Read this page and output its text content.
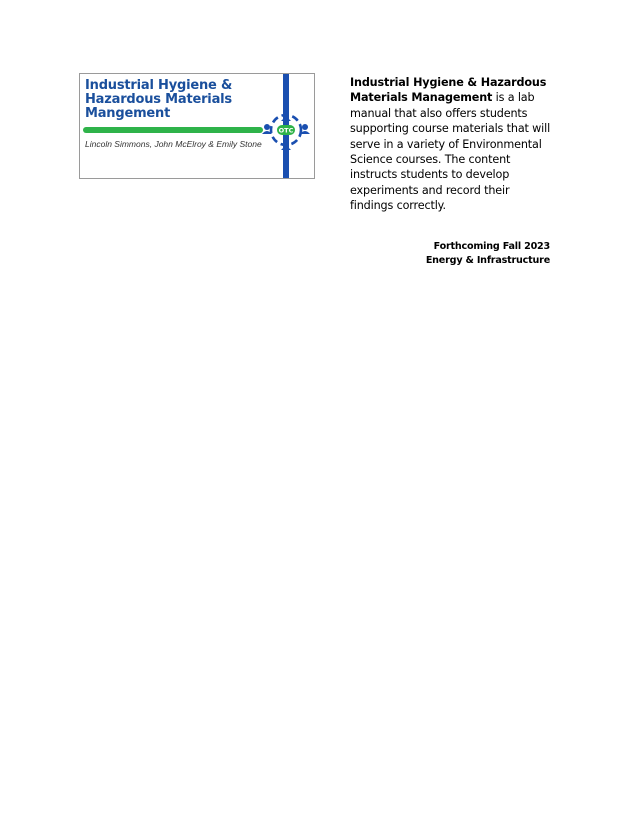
Industrial Hygiene & Hazardous Materials Mangement
Lincoln Simmons, John McElroy & Emily Stone
OTC
Industrial Hygiene & Hazardous Materials Management is a lab manual that also offers students supporting course materials that will serve in a variety of Environmental Science courses. The content instructs students to develop experiments and record their findings correctly.
Forthcoming Fall 2023
Energy & Infrastructure
